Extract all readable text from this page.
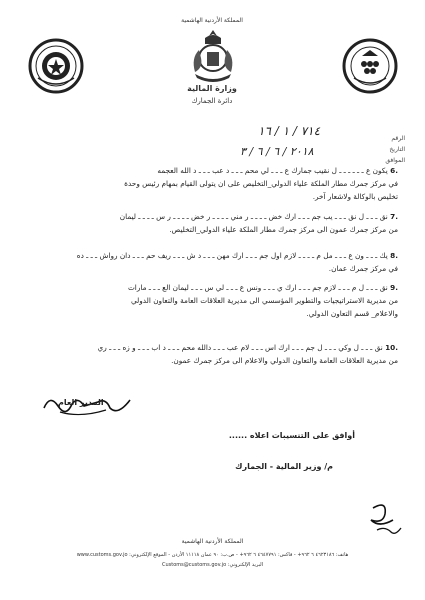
المملكة الأردنية الهاشمية
وزارة المالية
دائرة الجمارك
الرقم
التاريخ
الموافق
٧١٤ / ١ / ١٦
٢٠١٨ / ٦ / ٦ / ٣

.6 يكون ع ـ ـ ـ ـ ـ ـ ل نقيب جمارك ع ـ ـ ـ لي محم ـ ـ ـ د عب ـ ـ ـ د الله العجمه

في مركز جمرك مطار الملكة علياء الدولي_التخليص على ان يتولى القيام بمهام رئيس وحدة

تخليص بالوكالة ولاشعار آخر.

.7 نق ـ ـ ـ ل نق ـ ـ ـ يب جم ـ ـ ـ ارك خض ـ ـ ـ ـ ر مني ـ ـ ـ ـ ر خض ـ ـ ـ ـ ر س ـ ـ ـ ـ ليمان

من مركز جمرك عمون الى مركز جمرك مطار الملكة علياء الدولي_التخليص.

.8 يك ـ ـ ـ ون ع ـ ـ ـ مل م ـ ـ ـ ـ لازم اول جم ـ ـ ـ ارك مهن ـ ـ ـ د ش ـ ـ ـ ريف حم ـ ـ ـ دان رواش ـ ـ ـ ده

في مركز جمرك عمان.

.9 نق ـ ـ ـ ل م ـ ـ ـ لازم جم ـ ـ ـ ارك ي ـ ـ ـ ونس ع ـ ـ ـ لي س ـ ـ ـ ليمان الع ـ ـ ـ مارات

من مديرية الاستراتيجيات والتطوير المؤسسي الى مديرية العلاقات العامة والتعاون الدولي

والاعلام_ قسم التعاون الدولي.

.10 نق ـ ـ ـ ل وكي ـ ـ ـ ل جم ـ ـ ـ ارك اس ـ ـ ـ لام عب ـ ـ ـ دالله محم ـ ـ ـ د اب ـ ـ ـ و زه ـ ـ ـ ري

من مديرية العلاقات العامة والتعاون الدولي والاعلام الى مركز جمرك عمون.

المدير العام
أوافق على التنسيبات اعلاه ......
م/ وزير المالية - الجمارك
المملكة الأردنية الهاشمية
هاتف: ٤٦٢٣١٨٦ ٦ ٩٦٢+ - فاكس: ٤٦٤٧٧٩١ ٦ ٩٦٢+ - ص.ب: ٩٠ عمان ١١١١٨ الأردن - الموقع الإلكتروني: www.customs.gov.jo
البريد الإلكتروني: Customs@customs.gov.jo
